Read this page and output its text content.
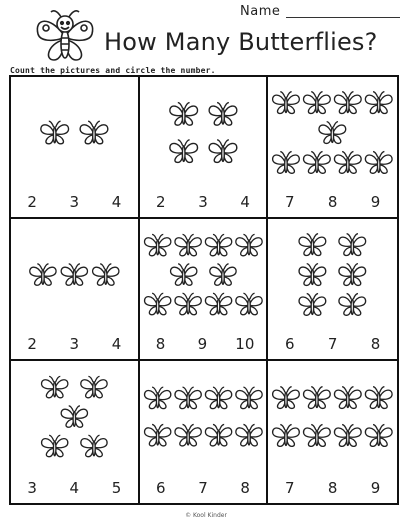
Name
How Many Butterflies?
Count the pictures and circle the number.
2 3 4 2 3 4 7 8 9
2 3 4 8 9 10 6 7 8
3 4 5 6 7 8 7 8 9
© Kool Kinder
